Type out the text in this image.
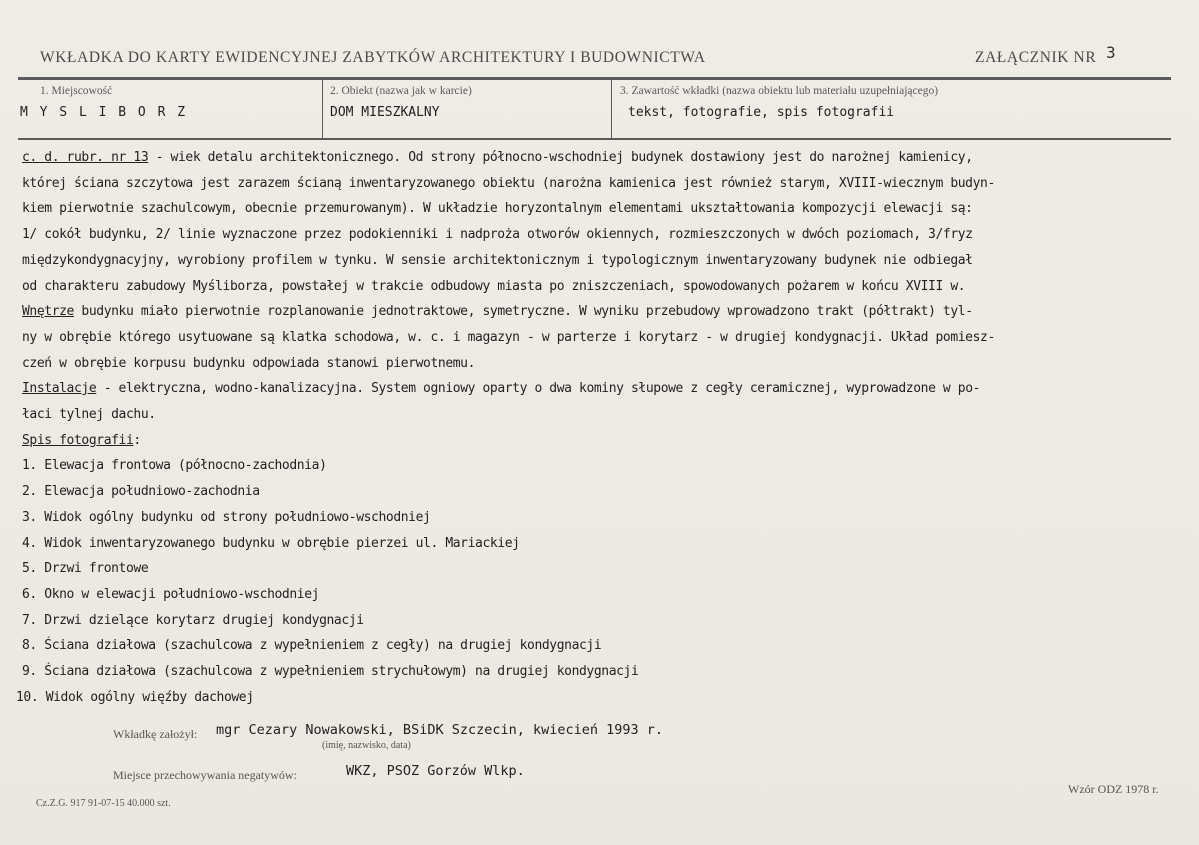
WKŁADKA DO KARTY EWIDENCYJNEJ ZABYTKÓW ARCHITEKTURY I BUDOWNICTWA	ZAŁĄCZNIK NR 3
1. Miejscowość
M Y S L I B O R Z
2. Obiekt (nazwa jak w karcie)
DOM MIESZKALNY
3. Zawartość wkładki (nazwa obiektu lub materiału uzupełniającego)
tekst, fotografie, spis fotografii
c. d. rubr. nr 13 - wiek detalu architektonicznego. Od strony północno-wschodniej budynek dostawiony jest do narożnej kamienicy,
której ściana szczytowa jest zarazem ścianą inwentaryzowanego obiektu (narożna kamienica jest również starym, XVIII-wiecznym budyn-
kiem pierwotnie szachulcowym, obecnie przemurowanym). W układzie horyzontalnym elementami ukształtowania kompozycji elewacji są:
1/ cokół budynku, 2/ linie wyznaczone przez podokienniki i nadproża otworów okiennych, rozmieszczonych w dwóch poziomach, 3/fryz
międzykondygnacyjny, wyrobiony profilem w tynku. W sensie architektonicznym i typologicznym inwentaryzowany budynek nie odbiegał
od charakteru zabudowy Myśliborza, powstałej w trakcie odbudowy miasta po zniszczeniach, spowodowanych pożarem w końcu XVIII w.
Wnętrze budynku miało pierwotnie rozplanowanie jednotraktowe, symetryczne. W wyniku przebudowy wprowadzono trakt (półtrakt) tyl-
ny w obrębie którego usytuowane są klatka schodowa, w. c. i magazyn - w parterze i korytarz - w drugiej kondygnacji. Układ pomiesz-
czeń w obrębie korpusu budynku odpowiada stanowi pierwotnemu.
Instalacje - elektryczna, wodno-kanalizacyjna. System ogniowy oparty o dwa kominy słupowe z cegły ceramicznej, wyprowadzone w po-
łaci tylnej dachu.
Spis fotografii:
1. Elewacja frontowa (północno-zachodnia)
2. Elewacja południowo-zachodnia
3. Widok ogólny budynku od strony południowo-wschodniej
4. Widok inwentaryzowanego budynku w obrębie pierzei ul. Mariackiej
5. Drzwi frontowe
6. Okno w elewacji południowo-wschodniej
7. Drzwi dzielące korytarz drugiej kondygnacji
8. Ściana działowa (szachulcowa z wypełnieniem z cegły) na drugiej kondygnacji
9. Ściana działowa (szachulcowa z wypełnieniem strychułowym) na drugiej kondygnacji
10. Widok ogólny więźby dachowej
Wkładkę założył: mgr Cezary Nowakowski, BSiDK Szczecin, kwiecień 1993 r.
(imię, nazwisko, data)
Miejsce przechowywania negatywów:	WKZ, PSOZ Gorzów Wlkp.
Wzór ODZ 1978 r.
Cz.Z.G. 917 91-07-15 40.000 szt.
